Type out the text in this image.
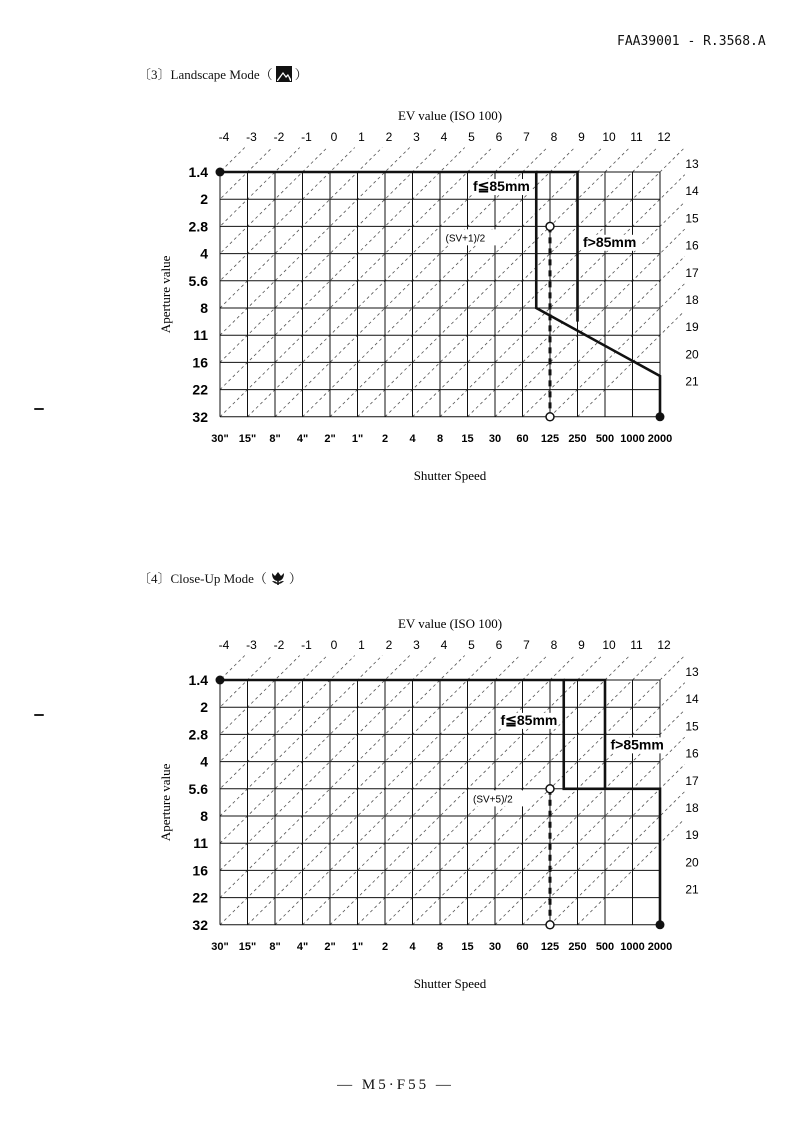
FAA39001 - R.3568.A
〔3〕Landscape Mode（ ）
〔4〕Close-Up Mode（ ）
EV value (ISO 100)
-4 -3 -2 -1 0 1 2 3 4 5 6 7 8 9 10 11 12
13
14
15
16
17
18
19
20
21
1.4
2
2.8
4
5.6
8
11
16
22
32
Aperture value
30" 15" 8" 4" 2" 1" 2 4 8 15 30 60 125 250 500 1000 2000
Shutter Speed
f≦85mm
(SV+1)/2	f>85mm
EV value (ISO 100)
-4 -3 -2 -1 0 1 2 3 4 5 6 7 8 9 10 11 12
13
14
15
16
17
18
19
20
21
1.4
2
2.8
4
5.6
8
11
16
22
32
Aperture value
30" 15" 8" 4" 2" 1" 2 4 8 15 30 60 125 250 500 1000 2000
Shutter Speed
f≦85mm
(SV+5)/2
f>85mm
— M5·F55 —
